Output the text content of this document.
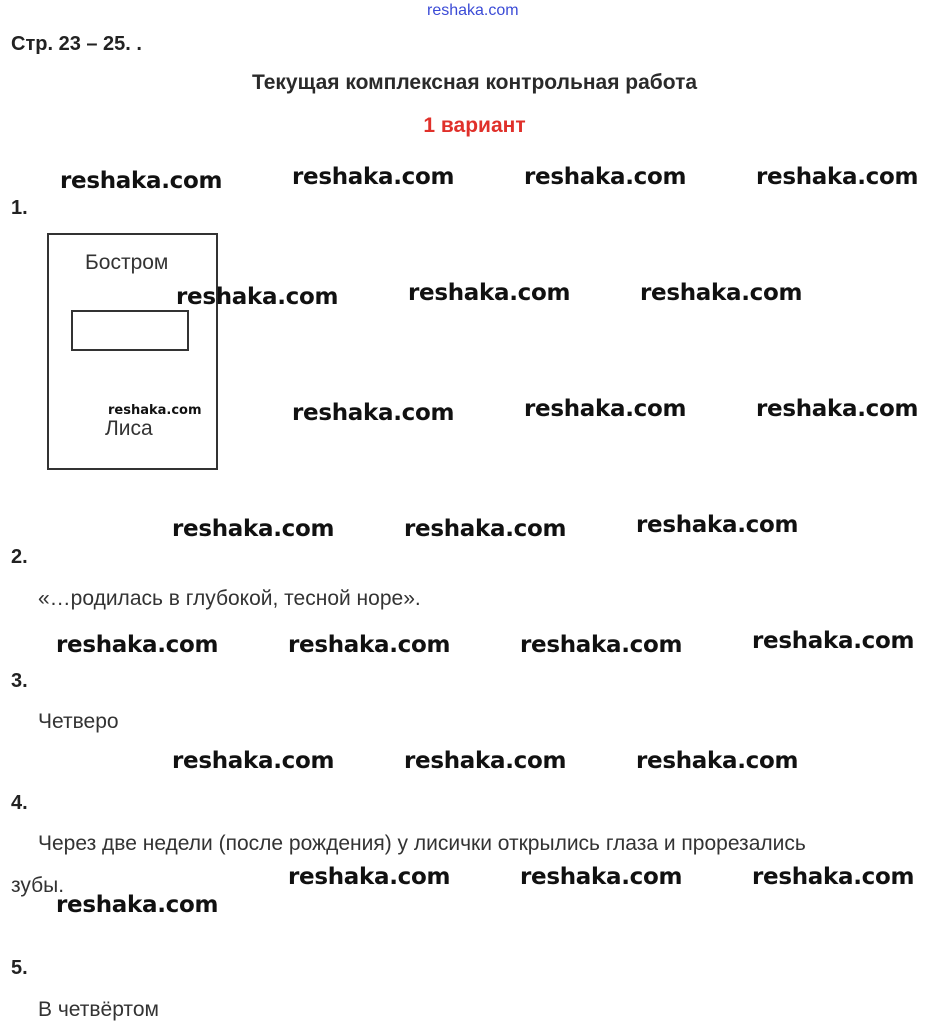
reshaka.com
Стр. 23 – 25. .
Текущая комплексная контрольная работа
1 вариант
1.
Бостром
Лиса
2.
«…родилась в глубокой, тесной норе».
3.
Четверо
4.
Через две недели (после рождения) у лисички открылись глаза и прорезались
зубы.
5.
В четвёртом
reshaka.com	reshaka.com	reshaka.com	reshaka.com
reshaka.com	reshaka.com	reshaka.com
reshaka.com	reshaka.com	reshaka.com	reshaka.com
reshaka.com	reshaka.com	reshaka.com
reshaka.com	reshaka.com	reshaka.com	reshaka.com
reshaka.com	reshaka.com	reshaka.com
reshaka.com	reshaka.com	reshaka.com
reshaka.com
